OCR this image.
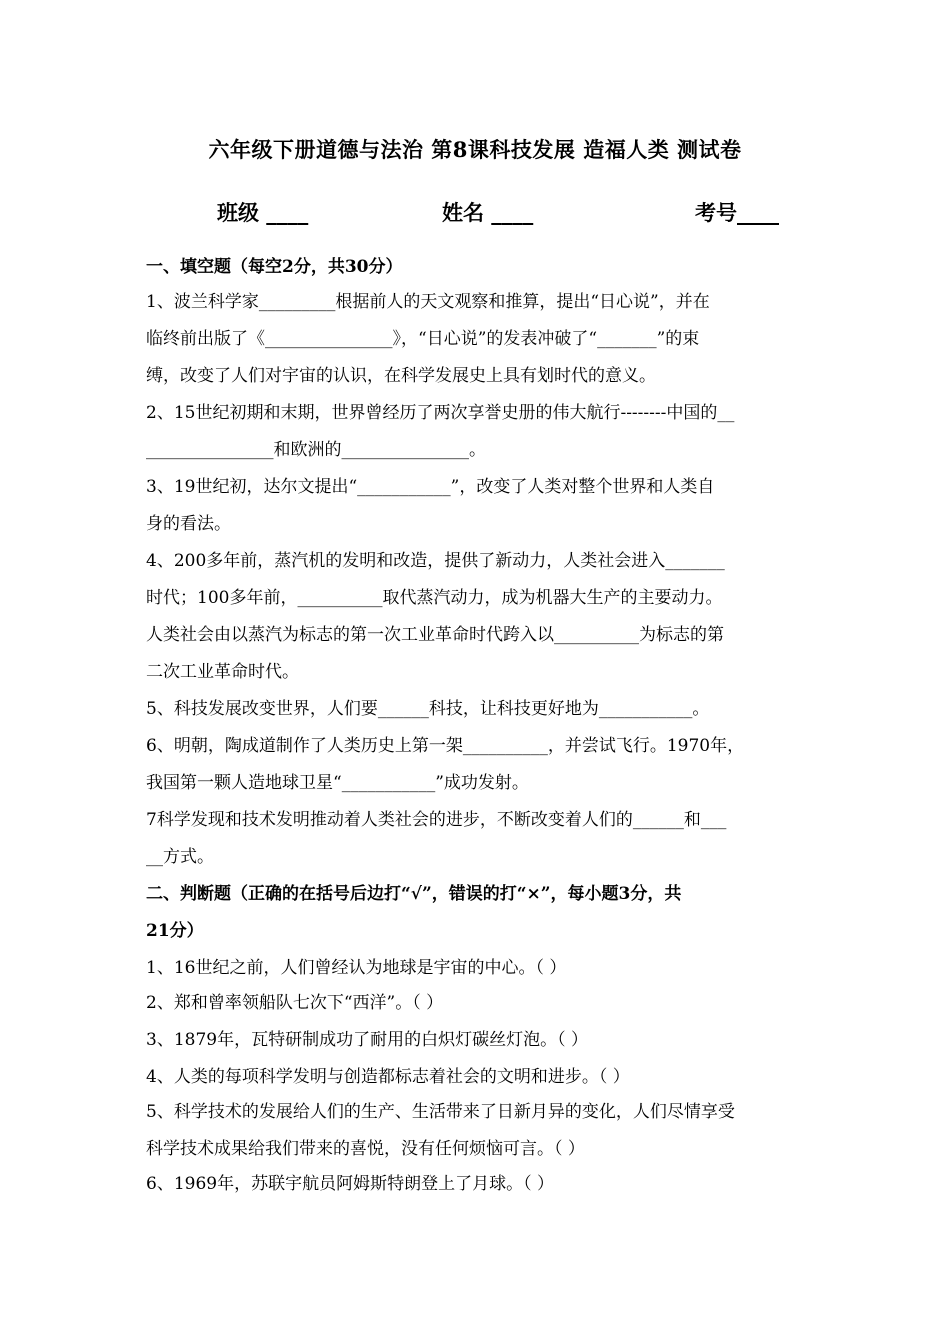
六年级下册道德与法治 第8课科技发展 造福人类 测试卷
班级 ____	姓名 ____	考号____
一、填空题（每空2分，共30分）
1、波兰科学家_________根据前人的天文观察和推算，提出“日心说”，并在
临终前出版了《_______________》，“日心说”的发表冲破了“_______”的束
缚，改变了人们对宇宙的认识，在科学发展史上具有划时代的意义。
2、15世纪初期和末期，世界曾经历了两次享誉史册的伟大航行--------中国的__
_______________和欧洲的_______________。
3、19世纪初，达尔文提出“___________”，改变了人类对整个世界和人类自
身的看法。
4、200多年前，蒸汽机的发明和改造，提供了新动力，人类社会进入_______
时代；100多年前，__________取代蒸汽动力，成为机器大生产的主要动力。
人类社会由以蒸汽为标志的第一次工业革命时代跨入以__________为标志的第
二次工业革命时代。
5、科技发展改变世界，人们要______科技，让科技更好地为___________。
6、明朝，陶成道制作了人类历史上第一架__________，并尝试飞行。1970年，
我国第一颗人造地球卫星“___________”成功发射。
7科学发现和技术发明推动着人类社会的进步，不断改变着人们的______和___
__方式。
二、判断题（正确的在括号后边打“√”，错误的打“×”，每小题3分，共
21分）
1、16世纪之前，人们曾经认为地球是宇宙的中心。（ ）
2、郑和曾率领船队七次下“西洋”。（ ）
3、1879年，瓦特研制成功了耐用的白炽灯碳丝灯泡。（ ）
4、人类的每项科学发明与创造都标志着社会的文明和进步。（ ）
5、科学技术的发展给人们的生产、生活带来了日新月异的变化，人们尽情享受
科学技术成果给我们带来的喜悦，没有任何烦恼可言。（ ）
6、1969年，苏联宇航员阿姆斯特朗登上了月球。（ ）
